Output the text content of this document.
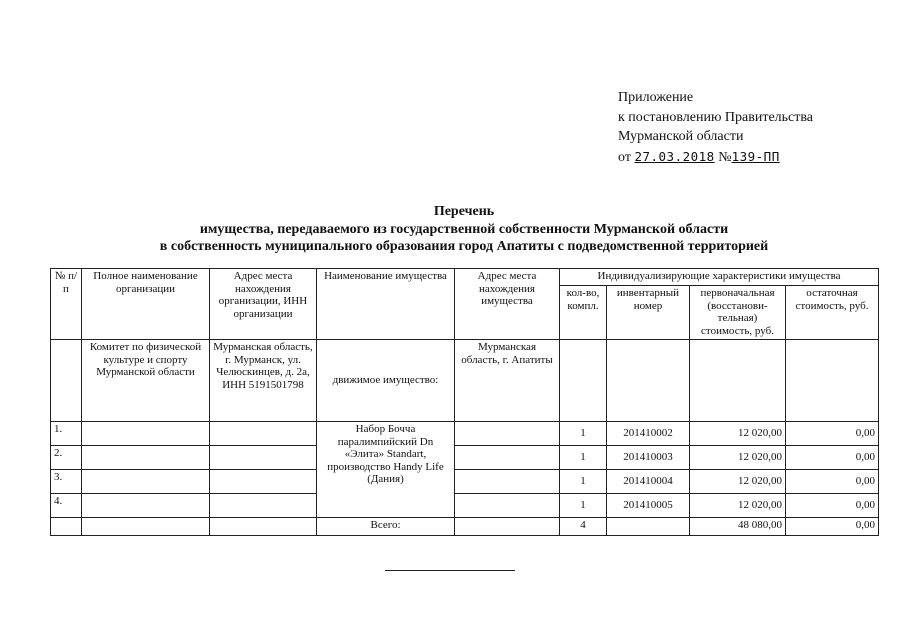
Приложение
к постановлению Правительства
Мурманской области
от 27.03.2018 №139-ПП
Перечень
имущества, передаваемого из государственной собственности Мурманской области
в собственность муниципального образования город Апатиты с подведомственной территорией
№ п/п	Полное наименование организации	Адрес места нахождения организации, ИНН организации	Наименование имущества	Адрес места нахождения имущества	Индивидуализирующие характеристики имущества			
					кол-во, компл.	инвентарный номер	первоначальная (восстанови- тельная) стоимость, руб.	остаточная стоимость, руб.
	Комитет по физической культуре и спорту Мурманской области	Мурманская область, г. Мурманск, ул. Челюскинцев, д. 2а, ИНН 5191501798	движимое имущество:	Мурманская область, г. Апатиты				
1.			Набор Бочча паралимпийский Dn «Элита» Standart, производство Handy Life (Дания)		1	201410002	12 020,00	0,00
2.					1	201410003	12 020,00	0,00
3.					1	201410004	12 020,00	0,00
4.					1	201410005	12 020,00	0,00
			Всего:		4		48 080,00	0,00
